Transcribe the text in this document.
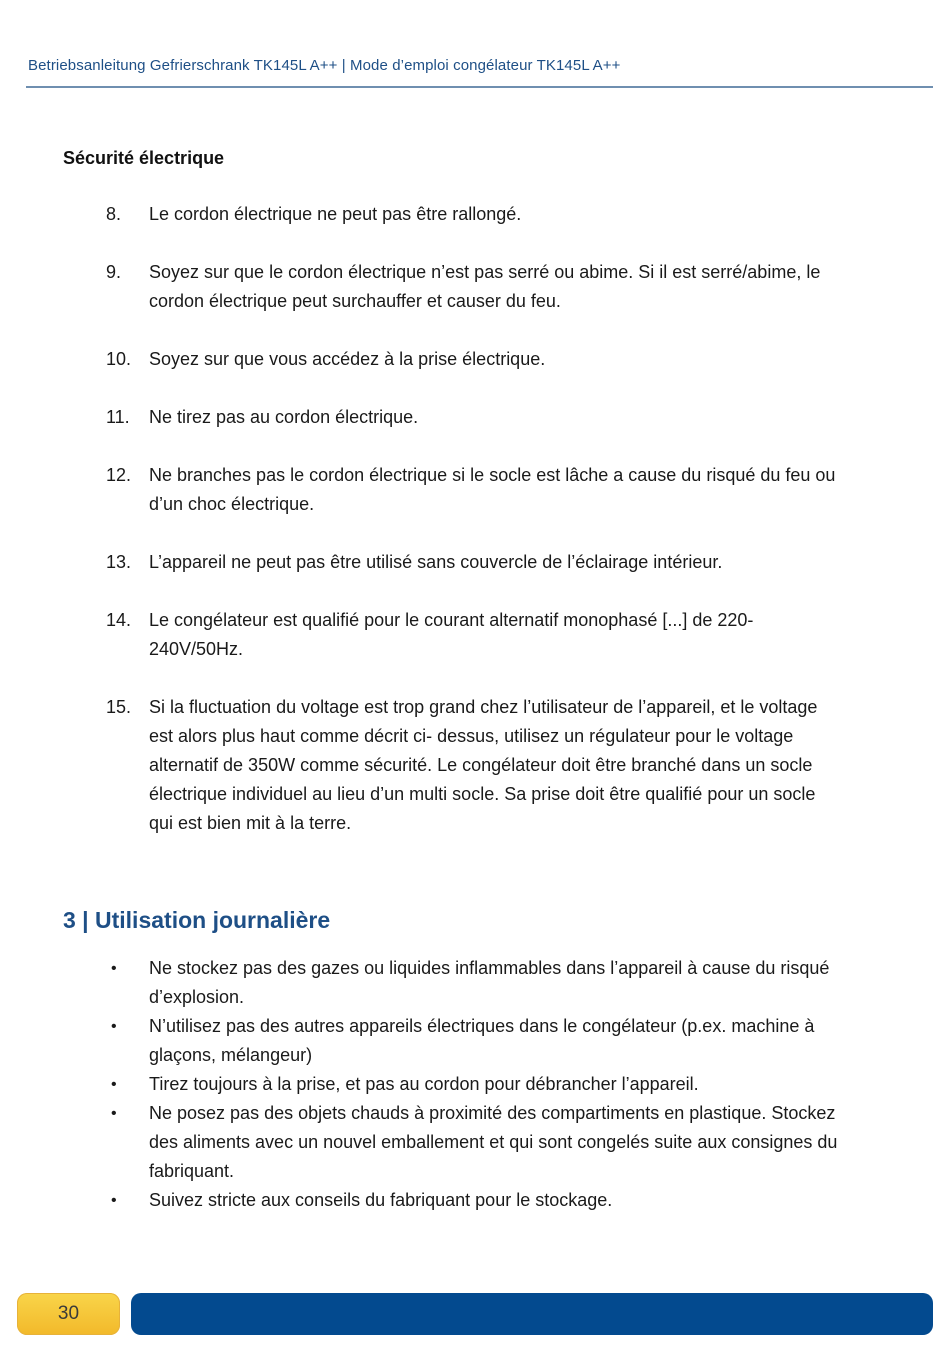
Betriebsanleitung Gefrierschrank TK145L A++ | Mode d’emploi congélateur TK145L A++
Sécurité électrique
8. Le cordon électrique ne peut pas être rallongé.
9. Soyez sur que le cordon électrique n’est pas serré ou abime. Si il est serré/abime, le
cordon électrique peut surchauffer et causer du feu.
10. Soyez sur que vous accédez à la prise électrique.
11. Ne tirez pas au cordon électrique.
12. Ne branches pas le cordon électrique si le socle est lâche a cause du risqué du feu ou
d’un choc électrique.
13. L’appareil ne peut pas être utilisé sans couvercle de l’éclairage intérieur.
14. Le congélateur est qualifié pour le courant alternatif monophasé [...] de 220-
240V/50Hz.
15. Si la fluctuation du voltage est trop grand chez l’utilisateur de l’appareil, et le voltage
est alors plus haut comme décrit ci- dessus, utilisez un régulateur pour le voltage
alternatif de 350W comme sécurité. Le congélateur doit être branché dans un socle
électrique individuel au lieu d’un multi socle. Sa prise doit être qualifié pour un socle
qui est bien mit à la terre.
3 | Utilisation journalière
• Ne stockez pas des gazes ou liquides inflammables dans l’appareil à cause du risqué
d’explosion.
• N’utilisez pas des autres appareils électriques dans le congélateur (p.ex. machine à
glaçons, mélangeur)
• Tirez toujours à la prise, et pas au cordon pour débrancher l’appareil.
• Ne posez pas des objets chauds à proximité des compartiments en plastique. Stockez
des aliments avec un nouvel emballement et qui sont congelés suite aux consignes du
fabriquant.
• Suivez stricte aux conseils du fabriquant pour le stockage.
30
